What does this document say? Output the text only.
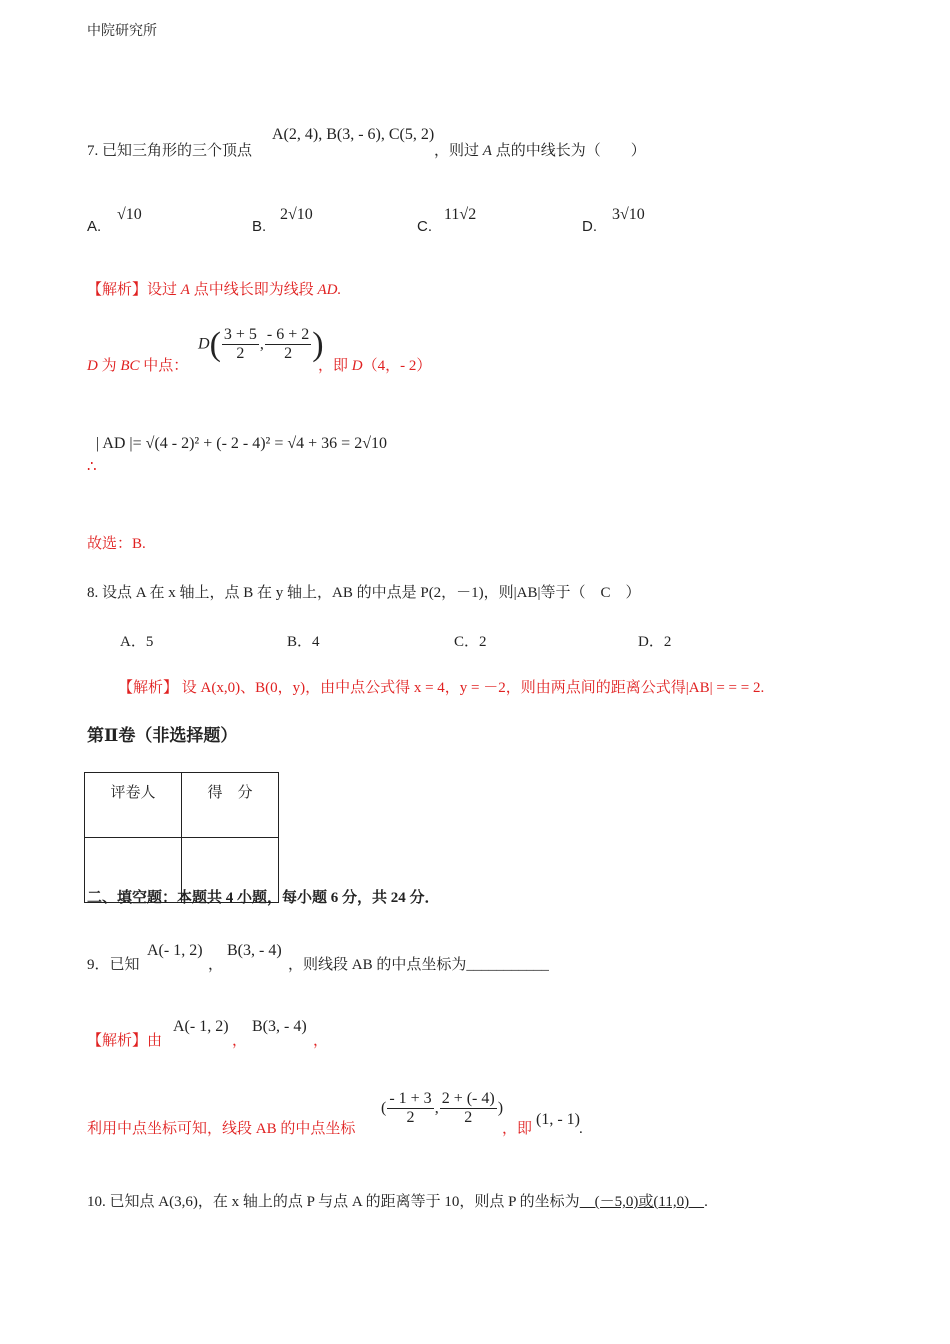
中院研究所
A(2, 4), B(3, - 6), C(5, 2)
7. 已知三角形的三个顶点	，则过 A 点的中线长为（　　）
A.
√10
B.
2√10
C.
11√2
D.
3√10
【解析】设过 A 点中线长即为线段 AD.
D 为 BC 中点：
$D( \frac{3 + 5}{2}$ , $\frac{- 6 + 2}{2}$ )
，即 D（4，- 2）
| AD |= √(4 - 2)² + (- 2 - 4)² = √4 + 36 = 2√10
∴
故选：B.
8. 设点 A 在 x 轴上，点 B 在 y 轴上，AB 的中点是 P(2，－1)，则|AB|等于（　C　）
A．5	B．4	C．2	D．2
【解析】 设 A(x,0)、B(0，y)，由中点公式得 x = 4，y = －2，则由两点间的距离公式得|AB| = = = 2.
第Ⅱ卷（非选择题）
评卷人	得　分

二、填空题：本题共 4 小题，每小题 6 分，共 24 分．
9．已知
A(- 1, 2)
，
B(3, - 4)
，则线段 AB 的中点坐标为___________
【解析】由
A(- 1, 2)
，
B(3, - 4)
，
利用中点坐标可知，线段 AB 的中点坐标
( $\frac{- 1 + 3}{2}$ , $\frac{2 + (- 4)}{2}$ )
，即
(1, - 1)
.
10. 已知点 A(3,6)，在 x 轴上的点 P 与点 A 的距离等于 10，则点 P 的坐标为　(－5,0)或(11,0)　.
